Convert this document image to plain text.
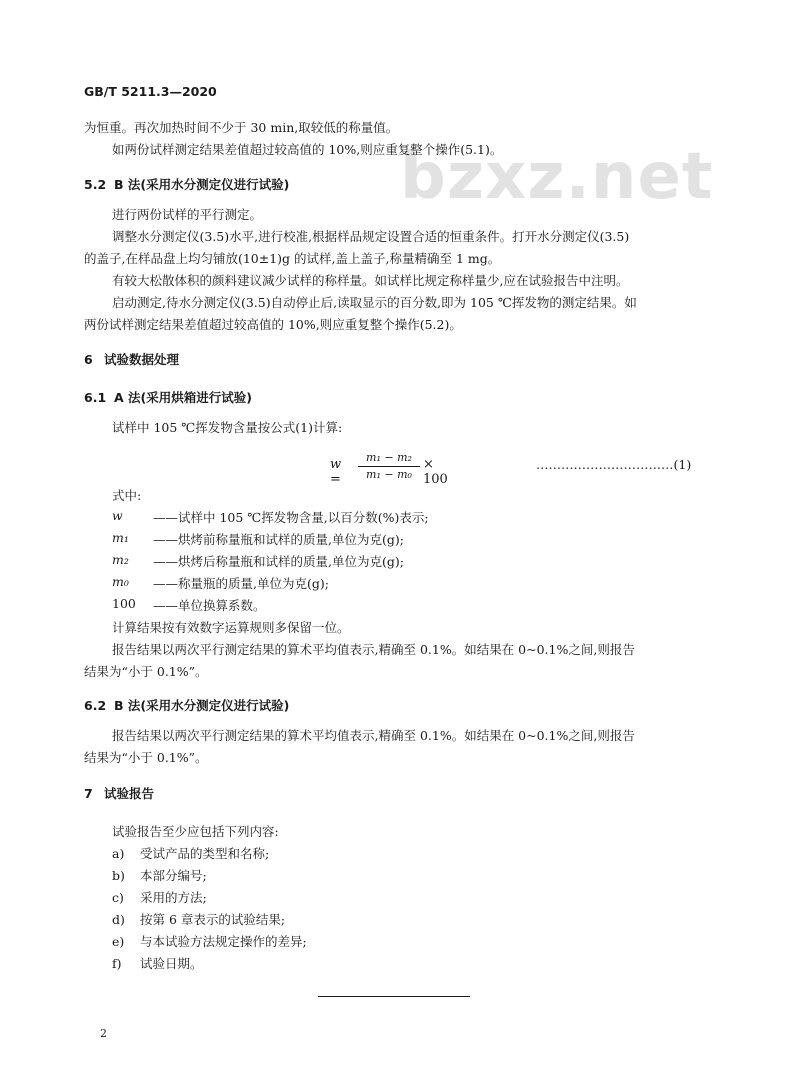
GB/T 5211.3—2020
bzxz.net
为恒重。再次加热时间不少于 30 min,取较低的称量值。
如两份试样测定结果差值超过较高值的 10%,则应重复整个操作(5.1)。
5.2 B 法(采用水分测定仪进行试验)
进行两份试样的平行测定。
调整水分测定仪(3.5)水平,进行校准,根据样品规定设置合适的恒重条件。打开水分测定仪(3.5)
的盖子,在样品盘上均匀铺放(10±1)g 的试样,盖上盖子,称量精确至 1 mg。
有较大松散体积的颜料建议减少试样的称样量。如试样比规定称样量少,应在试验报告中注明。
启动测定,待水分测定仪(3.5)自动停止后,读取显示的百分数,即为 105 ℃挥发物的测定结果。如
两份试样测定结果差值超过较高值的 10%,则应重复整个操作(5.2)。
6 试验数据处理
6.1 A 法(采用烘箱进行试验)
试样中 105 ℃挥发物含量按公式(1)计算:
w =
m₁ − m₂
m₁ − m₀
× 100
……………………………(1)
式中:
w	——试样中 105 ℃挥发物含量,以百分数(%)表示;
m₁	——烘烤前称量瓶和试样的质量,单位为克(g);
m₂	——烘烤后称量瓶和试样的质量,单位为克(g);
m₀	——称量瓶的质量,单位为克(g);
100	——单位换算系数。
计算结果按有效数字运算规则多保留一位。
报告结果以两次平行测定结果的算术平均值表示,精确至 0.1%。如结果在 0~0.1%之间,则报告
结果为“小于 0.1%”。
6.2 B 法(采用水分测定仪进行试验)
报告结果以两次平行测定结果的算术平均值表示,精确至 0.1%。如结果在 0~0.1%之间,则报告
结果为“小于 0.1%”。
7 试验报告
试验报告至少应包括下列内容:
a) 受试产品的类型和名称;
b) 本部分编号;
c) 采用的方法;
d) 按第 6 章表示的试验结果;
e) 与本试验方法规定操作的差异;
f) 试验日期。
2
